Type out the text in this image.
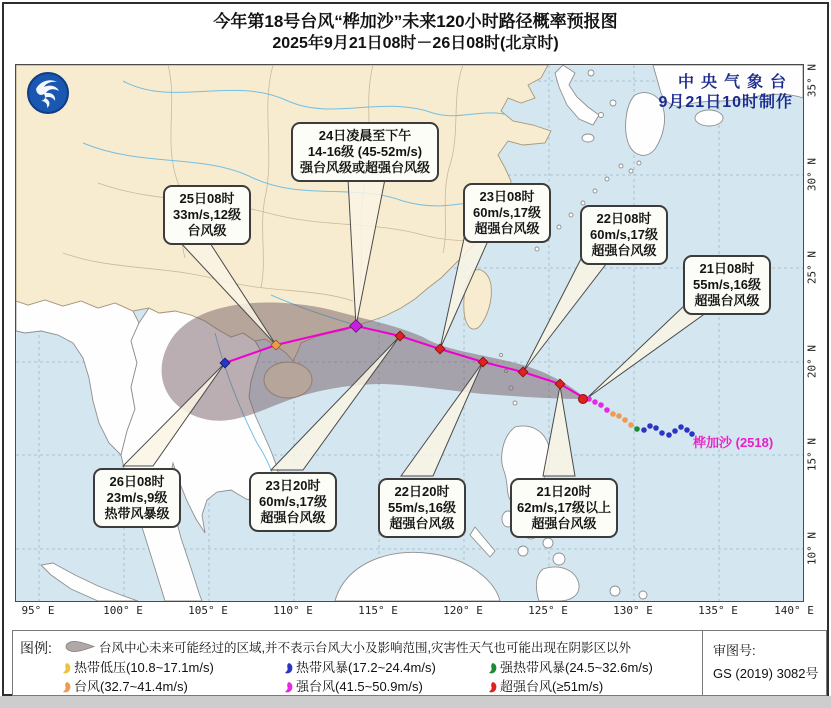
今年第18号台风“桦加沙”未来120小时路径概率预报图
2025年9月21日08时－26日08时(北京时)
中央气象台
9月21日10时制作
桦加沙 (2518)
25日08时
33m/s,12级
台风级
24日凌晨至下午
14-16级 (45-52m/s)
强台风级或超强台风级
23日08时
60m/s,17级
超强台风级
22日08时
60m/s,17级
超强台风级
21日08时
55m/s,16级
超强台风级
26日08时
23m/s,9级
热带风暴级
23日20时
60m/s,17级
超强台风级
22日20时
55m/s,16级
超强台风级
21日20时
62m/s,17级以上
超强台风级
35° N
30° N
25° N
20° N
15° N
10° N
95° E	100° E	105° E	110° E	115° E	120° E	125° E	130° E	135° E	140° E
图例:	台风中心未来可能经过的区域,并不表示台风大小及影响范围,灾害性天气也可能出现在阴影区以外
热带低压(10.8~17.1m/s)	热带风暴(17.2~24.4m/s)	强热带风暴(24.5~32.6m/s)
台风(32.7~41.4m/s)	强台风(41.5~50.9m/s)	超强台风(≥51m/s)
审图号:
GS (2019) 3082号
